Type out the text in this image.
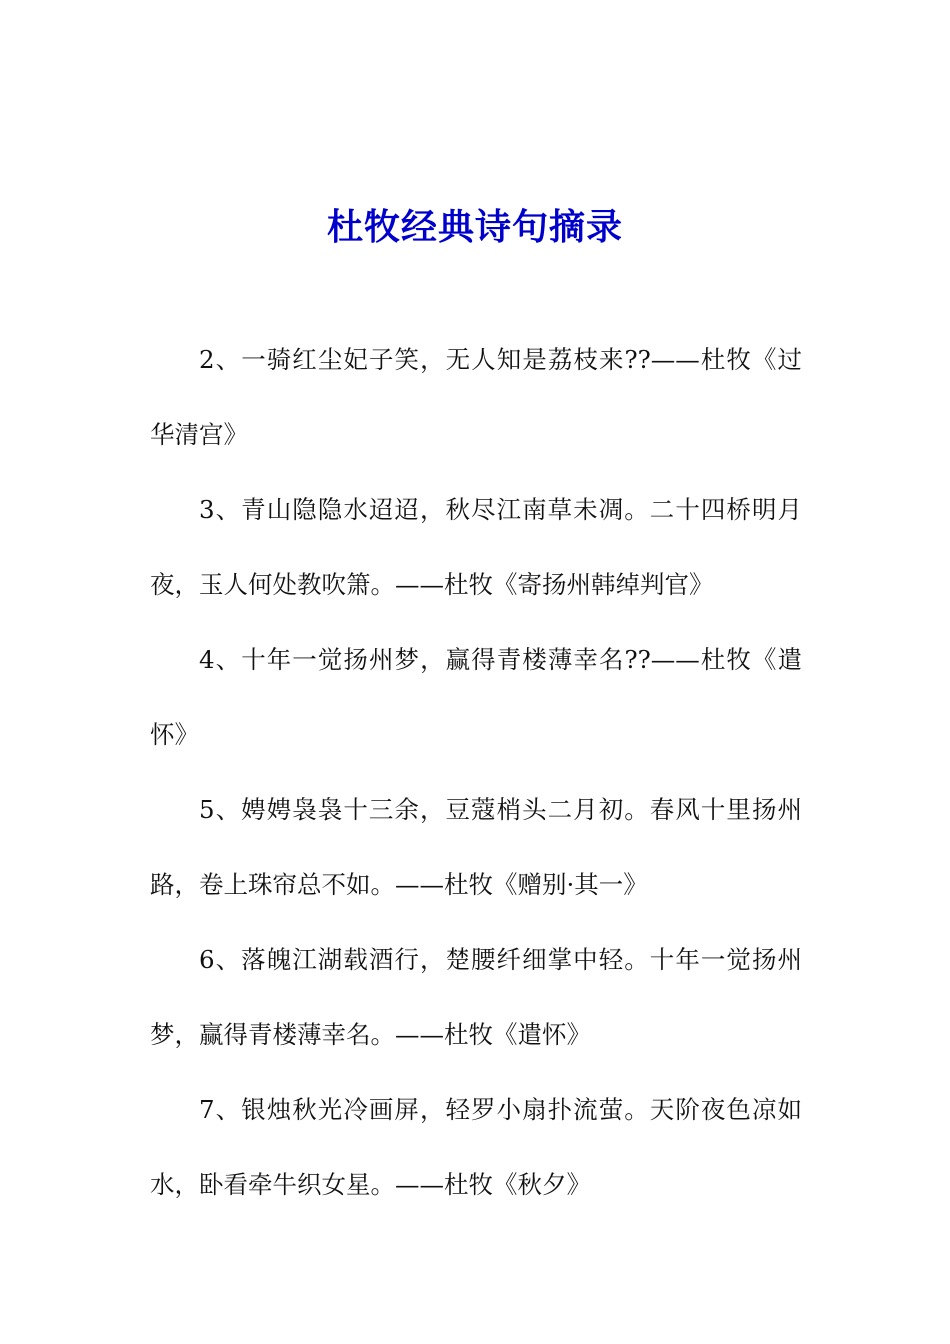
杜牧经典诗句摘录

2、一骑红尘妃子笑，无人知是荔枝来??——杜牧《过华清宫》

3、青山隐隐水迢迢，秋尽江南草未凋。二十四桥明月夜，玉人何处教吹箫。——杜牧《寄扬州韩绰判官》

4、十年一觉扬州梦，赢得青楼薄幸名??——杜牧《遣怀》

5、娉娉袅袅十三余，豆蔻梢头二月初。春风十里扬州路，卷上珠帘总不如。——杜牧《赠别·其一》

6、落魄江湖载酒行，楚腰纤细掌中轻。十年一觉扬州梦，赢得青楼薄幸名。——杜牧《遣怀》

7、银烛秋光冷画屏，轻罗小扇扑流萤。天阶夜色凉如水，卧看牵牛织女星。——杜牧《秋夕》
